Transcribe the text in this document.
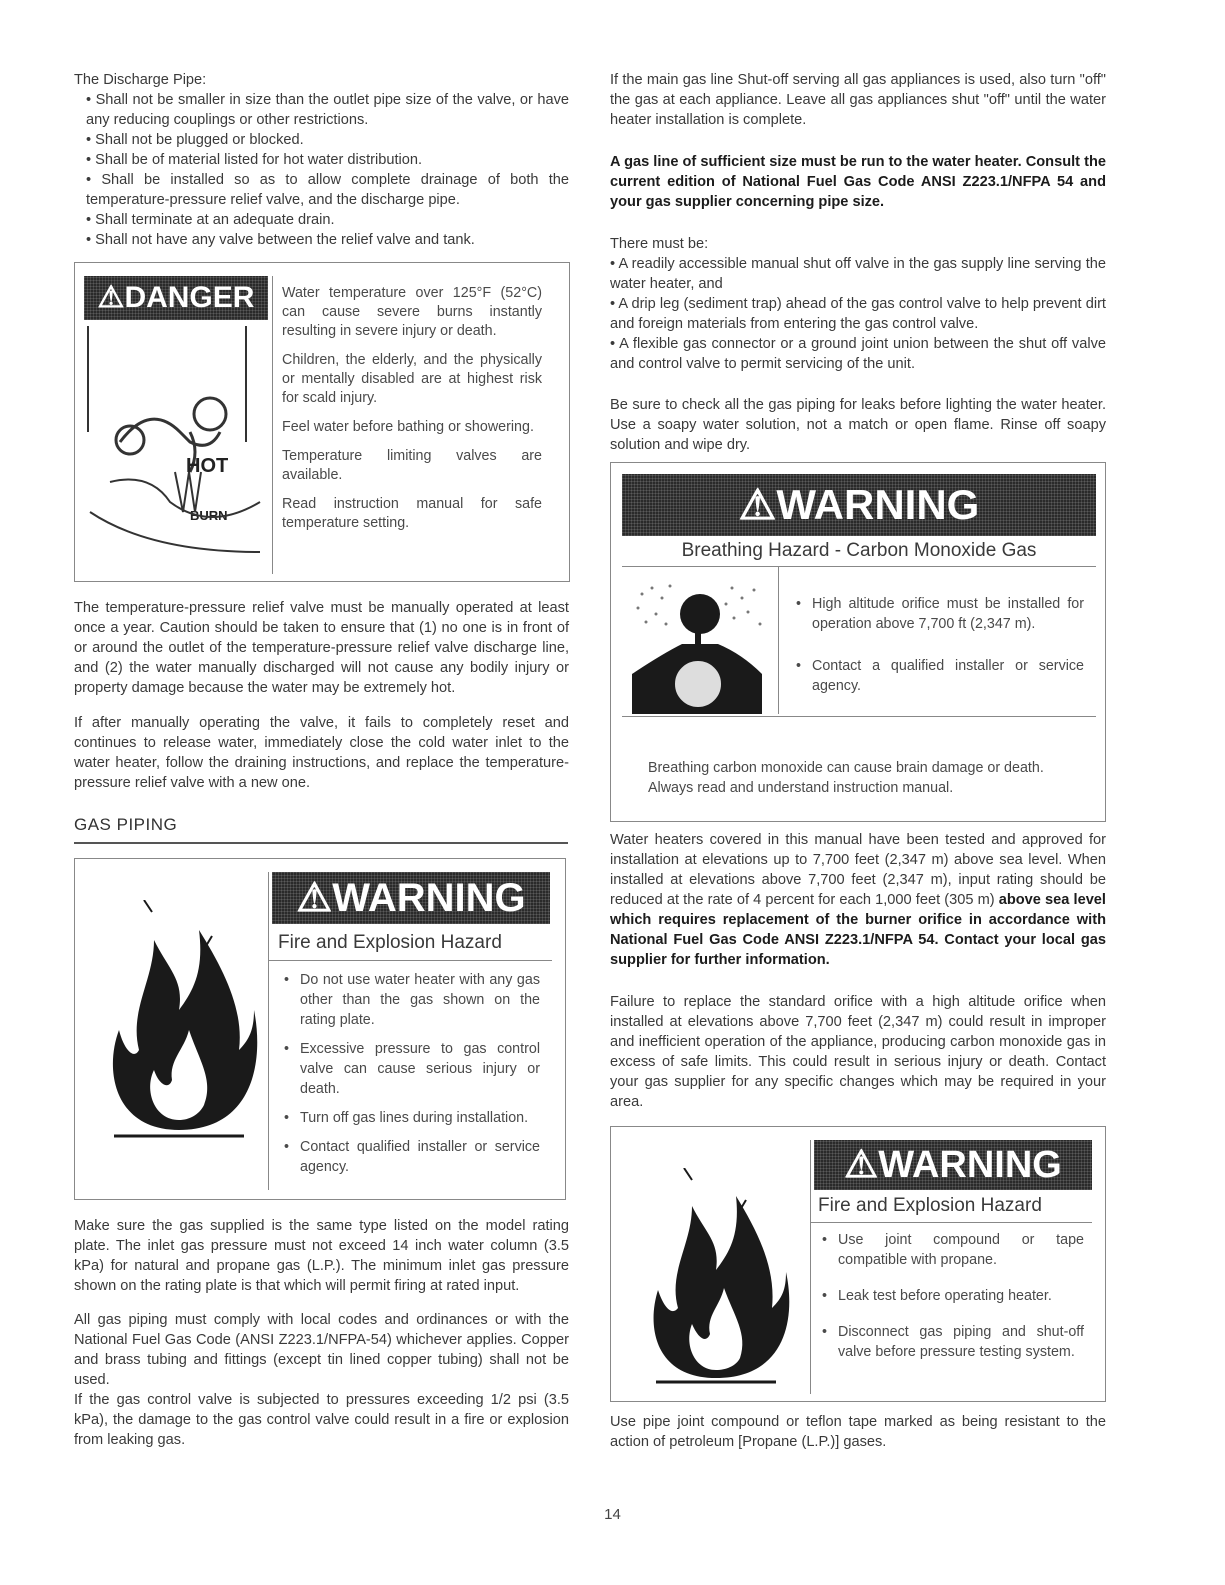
The Discharge Pipe:
• Shall not be smaller in size than the outlet pipe size of the valve, or have any reducing couplings or other restrictions.
• Shall not be plugged or blocked.
• Shall be of material listed for hot water distribution.
• Shall be installed so as to allow complete drainage of both the temperature-pressure relief valve, and the discharge pipe.
• Shall terminate at an adequate drain.
• Shall not have any valve between the relief valve and tank.
⚠DANGER
HOT
BURN
Water temperature over 125°F (52°C) can cause severe burns instantly resulting in severe injury or death.
Children, the elderly, and the physically or mentally disabled are at highest risk for scald injury.
Feel water before bathing or showering.
Temperature limiting valves are available.
Read instruction manual for safe temperature setting.
The temperature-pressure relief valve must be manually operated at least once a year. Caution should be taken to ensure that (1) no one is in front of or around the outlet of the temperature-pressure relief valve discharge line, and (2) the water manually discharged will not cause any bodily injury or property damage because the water may be extremely hot.
If after manually operating the valve, it fails to completely reset and continues to release water, immediately close the cold water inlet to the water heater, follow the draining instructions, and replace the temperature-pressure relief valve with a new one.
GAS PIPING
⚠WARNING
Fire and Explosion Hazard
• Do not use water heater with any gas other than the gas shown on the rating plate.
• Excessive pressure to gas control valve can cause serious injury or death.
• Turn off gas lines during installation.
• Contact qualified installer or service agency.
Make sure the gas supplied is the same type listed on the model rating plate. The inlet gas pressure must not exceed 14 inch water column (3.5 kPa) for natural and propane gas (L.P.). The minimum inlet gas pressure shown on the rating plate is that which will permit firing at rated input.
All gas piping must comply with local codes and ordinances or with the National Fuel Gas Code (ANSI Z223.1/NFPA-54) whichever applies. Copper and brass tubing and fittings (except tin lined copper tubing) shall not be used.
If the gas control valve is subjected to pressures exceeding 1/2 psi (3.5 kPa), the damage to the gas control valve could result in a fire or explosion from leaking gas.
If the main gas line Shut-off serving all gas appliances is used, also turn "off" the gas at each appliance. Leave all gas appliances shut "off" until the water heater installation is complete.
A gas line of sufficient size must be run to the water heater. Consult the current edition of National Fuel Gas Code ANSI Z223.1/NFPA 54 and your gas supplier concerning pipe size.
There must be:
• A readily accessible manual shut off valve in the gas supply line serving the water heater, and
• A drip leg (sediment trap) ahead of the gas control valve to help prevent dirt and foreign materials from entering the gas control valve.
• A flexible gas connector or a ground joint union between the shut off valve and control valve to permit servicing of the unit.
Be sure to check all the gas piping for leaks before lighting the water heater. Use a soapy water solution, not a match or open flame. Rinse off soapy solution and wipe dry.
⚠WARNING
Breathing Hazard - Carbon Monoxide Gas
• High altitude orifice must be installed for operation above 7,700 ft (2,347 m).
• Contact a qualified installer or service agency.
Breathing carbon monoxide can cause brain damage or death. Always read and understand instruction manual.
Water heaters covered in this manual have been tested and approved for installation at elevations up to 7,700 feet (2,347 m) above sea level. When installed at elevations above 7,700 feet (2,347 m), input rating should be reduced at the rate of 4 percent for each 1,000 feet (305 m) above sea level which requires replacement of the burner orifice in accordance with National Fuel Gas Code ANSI Z223.1/NFPA 54. Contact your local gas supplier for further information.
Failure to replace the standard orifice with a high altitude orifice when installed at elevations above 7,700 feet (2,347 m) could result in improper and inefficient operation of the appliance, producing carbon monoxide gas in excess of safe limits. This could result in serious injury or death. Contact your gas supplier for any specific changes which may be required in your area.
⚠WARNING
Fire and Explosion Hazard
• Use joint compound or tape compatible with propane.
• Leak test before operating heater.
• Disconnect gas piping and shut-off valve before pressure testing system.
Use pipe joint compound or teflon tape marked as being resistant to the action of petroleum [Propane (L.P.)] gases.
14
